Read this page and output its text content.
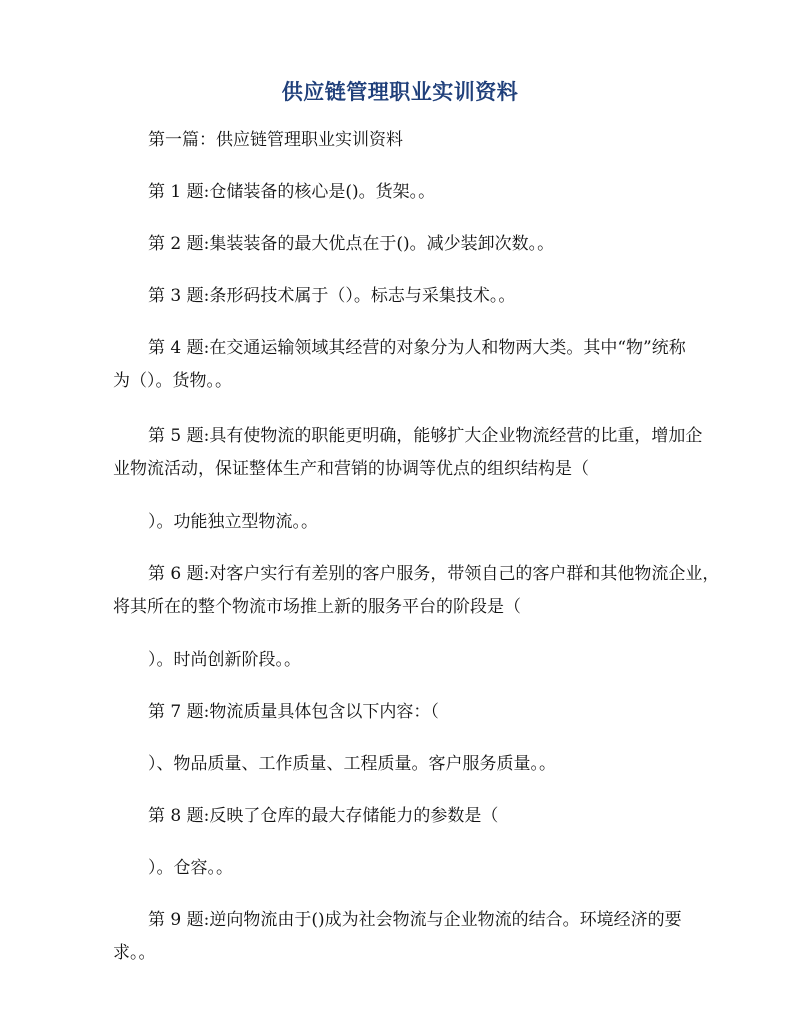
供应链管理职业实训资料
第一篇：供应链管理职业实训资料
第 1 题:仓储装备的核心是()。货架。。
第 2 题:集装装备的最大优点在于()。减少装卸次数。。
第 3 题:条形码技术属于（）。标志与采集技术。。
第 4 题:在交通运输领域其经营的对象分为人和物两大类。其中“物”统称
为（）。货物。。
第 5 题:具有使物流的职能更明确，能够扩大企业物流经营的比重，增加企
业物流活动，保证整体生产和营销的协调等优点的组织结构是（
）。功能独立型物流。。
第 6 题:对客户实行有差别的客户服务，带领自己的客户群和其他物流企业，
将其所在的整个物流市场推上新的服务平台的阶段是（
）。时尚创新阶段。。
第 7 题:物流质量具体包含以下内容：（
）、物品质量、工作质量、工程质量。客户服务质量。。
第 8 题:反映了仓库的最大存储能力的参数是（
）。仓容。。
第 9 题:逆向物流由于()成为社会物流与企业物流的结合。环境经济的要
求。。
